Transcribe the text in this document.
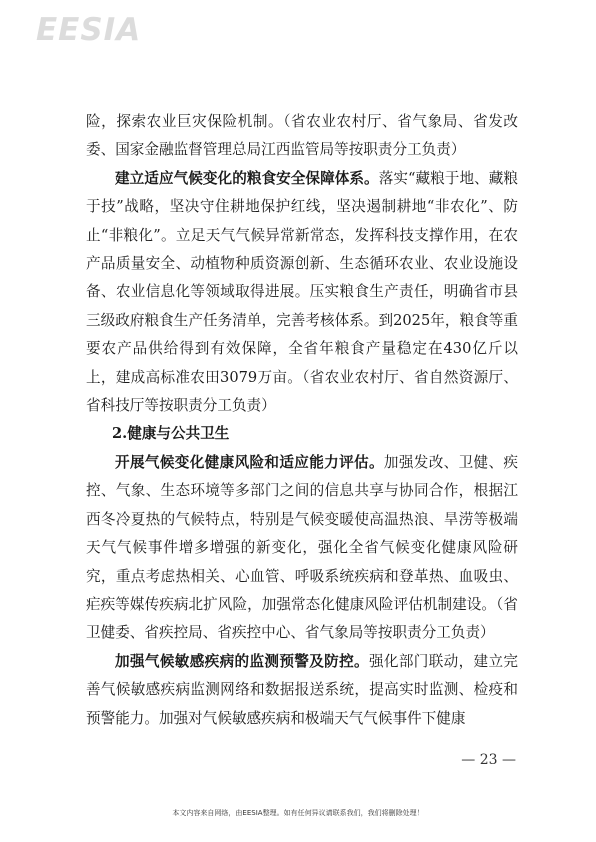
EESIA

险，探索农业巨灾保险机制。（省农业农村厅、省气象局、省发改委、国家金融监督管理总局江西监管局等按职责分工负责）

建立适应气候变化的粮食安全保障体系。落实“藏粮于地、藏粮于技”战略，坚决守住耕地保护红线，坚决遏制耕地“非农化”、防止“非粮化”。立足天气气候异常新常态，发挥科技支撑作用，在农产品质量安全、动植物种质资源创新、生态循环农业、农业设施设备、农业信息化等领域取得进展。压实粮食生产责任，明确省市县三级政府粮食生产任务清单，完善考核体系。到2025年，粮食等重要农产品供给得到有效保障，全省年粮食产量稳定在430亿斤以上，建成高标准农田3079万亩。（省农业农村厅、省自然资源厅、省科技厅等按职责分工负责）

2.健康与公共卫生

开展气候变化健康风险和适应能力评估。加强发改、卫健、疾控、气象、生态环境等多部门之间的信息共享与协同合作，根据江西冬冷夏热的气候特点，特别是气候变暖使高温热浪、旱涝等极端天气气候事件增多增强的新变化，强化全省气候变化健康风险研究，重点考虑热相关、心血管、呼吸系统疾病和登革热、血吸虫、疟疾等媒传疾病北扩风险，加强常态化健康风险评估机制建设。（省卫健委、省疾控局、省疾控中心、省气象局等按职责分工负责）

加强气候敏感疾病的监测预警及防控。强化部门联动，建立完善气候敏感疾病监测网络和数据报送系统，提高实时监测、检疫和预警能力。加强对气候敏感疾病和极端天气气候事件下健康

— 23 —
本文内容来自网络，由EESIA整理。如有任何异议请联系我们，我们将删除处理！
